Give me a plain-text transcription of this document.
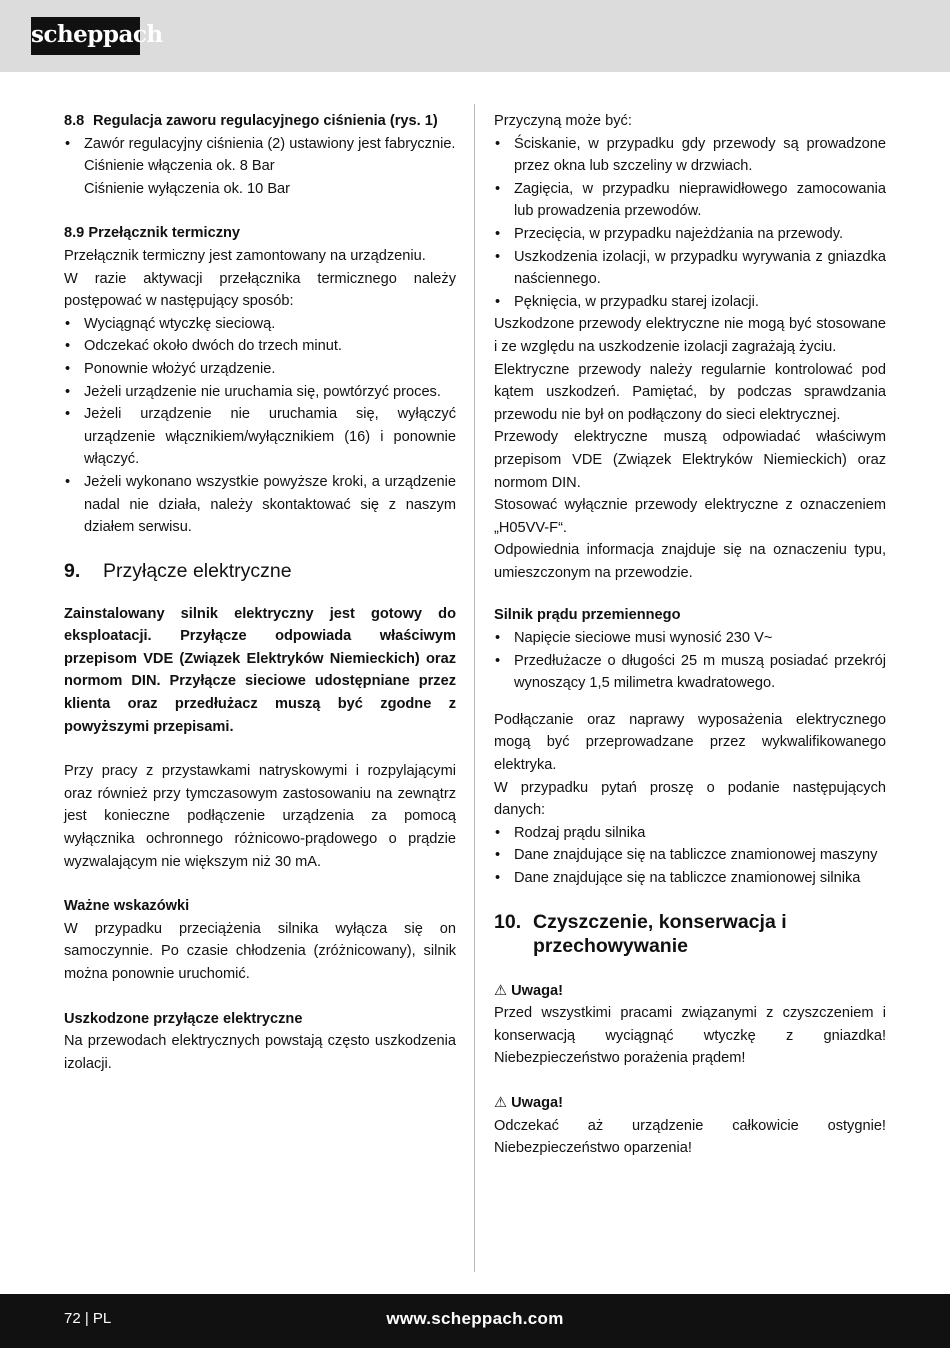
scheppach
8.8 Regulacja zaworu regulacyjnego ciśnienia (rys. 1)
• Zawór regulacyjny ciśnienia (2) ustawiony jest fabrycznie.

Ciśnienie włączenia ok. 8 Bar

Ciśnienie wyłączenia ok. 10 Bar

8.9 Przełącznik termiczny

Przełącznik termiczny jest zamontowany na urządzeniu.

W razie aktywacji przełącznika termicznego należy postępować w następujący sposób:

• Wyciągnąć wtyczkę sieciową.
• Odczekać około dwóch do trzech minut.
• Ponownie włożyć urządzenie.
• Jeżeli urządzenie nie uruchamia się, powtórzyć proces.
• Jeżeli urządzenie nie uruchamia się, wyłączyć urządzenie włącznikiem/wyłącznikiem (16) i ponownie włączyć.
• Jeżeli wykonano wszystkie powyższe kroki, a urządzenie nadal nie działa, należy skontaktować się z naszym działem serwisu.
9.	Przyłącze elektryczne

Zainstalowany silnik elektryczny jest gotowy do eksploatacji. Przyłącze odpowiada właściwym przepisom VDE (Związek Elektryków Niemieckich) oraz normom DIN. Przyłącze sieciowe udostępniane przez klienta oraz przedłużacz muszą być zgodne z powyższymi przepisami.

Przy pracy z przystawkami natryskowymi i rozpylającymi oraz również przy tymczasowym zastosowaniu na zewnątrz jest konieczne podłączenie urządzenia za pomocą wyłącznika ochronnego różnicowo-prądowego o prądzie wyzwalającym nie większym niż 30 mA.

Ważne wskazówki

W przypadku przeciążenia silnika wyłącza się on samoczynnie. Po czasie chłodzenia (zróżnicowany), silnik można ponownie uruchomić.

Uszkodzone przyłącze elektryczne

Na przewodach elektrycznych powstają często uszkodzenia izolacji.

Przyczyną może być:

• Ściskanie, w przypadku gdy przewody są prowadzone przez okna lub szczeliny w drzwiach.
• Zagięcia, w przypadku nieprawidłowego zamocowania lub prowadzenia przewodów.
• Przecięcia, w przypadku najeżdżania na przewody.
• Uszkodzenia izolacji, w przypadku wyrywania z gniazdka naściennego.
• Pęknięcia, w przypadku starej izolacji.

Uszkodzone przewody elektryczne nie mogą być stosowane i ze względu na uszkodzenie izolacji zagrażają życiu.

Elektryczne przewody należy regularnie kontrolować pod kątem uszkodzeń. Pamiętać, by podczas sprawdzania przewodu nie był on podłączony do sieci elektrycznej.

Przewody elektryczne muszą odpowiadać właściwym przepisom VDE (Związek Elektryków Niemieckich) oraz normom DIN.

Stosować wyłącznie przewody elektryczne z oznaczeniem „H05VV-F“.

Odpowiednia informacja znajduje się na oznaczeniu typu, umieszczonym na przewodzie.

Silnik prądu przemiennego
• Napięcie sieciowe musi wynosić 230 V~
• Przedłużacze o długości 25 m muszą posiadać przekrój wynoszący 1,5 milimetra kwadratowego.

Podłączanie oraz naprawy wyposażenia elektrycznego mogą być przeprowadzane przez wykwalifikowanego elektryka.

W przypadku pytań proszę o podanie następujących danych:

• Rodzaj prądu silnika
• Dane znajdujące się na tabliczce znamionowej maszyny
• Dane znajdujące się na tabliczce znamionowej silnika
10. Czyszczenie, konserwacja i przechowywanie

⚠ Uwaga!

Przed wszystkimi pracami związanymi z czyszczeniem i konserwacją wyciągnąć wtyczkę z gniazdka! Niebezpieczeństwo porażenia prądem!

⚠ Uwaga!

Odczekać aż urządzenie całkowicie ostygnie! Niebezpieczeństwo oparzenia!

72 | PL	www.scheppach.com
